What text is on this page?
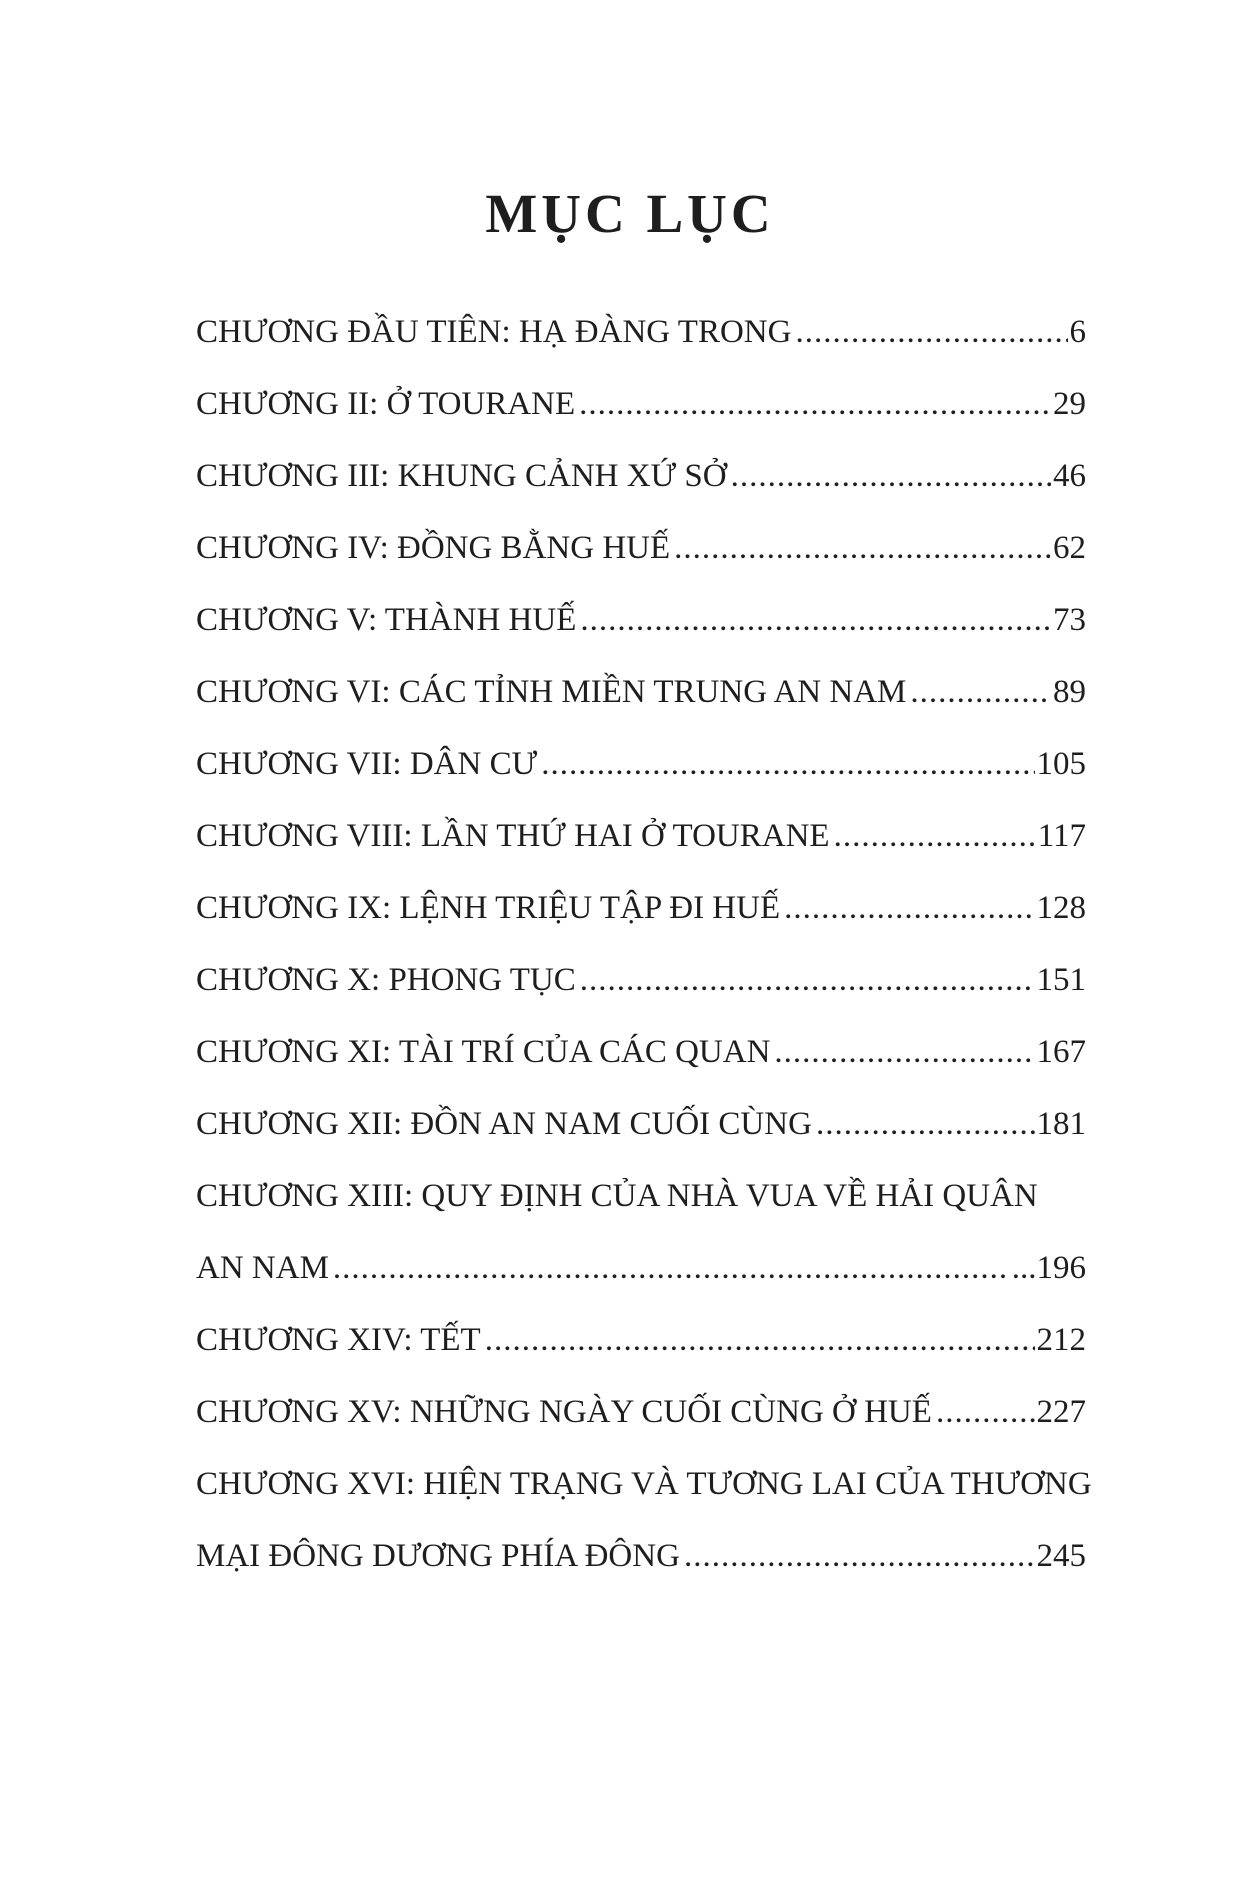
MỤC LỤC
CHƯƠNG ĐẦU TIÊN: HẠ ĐÀNG TRONG .....	6
CHƯƠNG II: Ở TOURANE .....	29
CHƯƠNG III: KHUNG CẢNH XỨ SỞ .....	46
CHƯƠNG IV: ĐỒNG BẰNG HUẾ .....	62
CHƯƠNG V: THÀNH HUẾ .....	73
CHƯƠNG VI: CÁC TỈNH MIỀN TRUNG AN NAM .....	89
CHƯƠNG VII: DÂN CƯ .....	105
CHƯƠNG VIII: LẦN THỨ HAI Ở TOURANE .....	117
CHƯƠNG IX: LỆNH TRIỆU TẬP ĐI HUẾ .....	128
CHƯƠNG X: PHONG TỤC .....	151
CHƯƠNG XI: TÀI TRÍ CỦA CÁC QUAN .....	167
CHƯƠNG XII: ĐỒN AN NAM CUỐI CÙNG .....	181
CHƯƠNG XIII: QUY ĐỊNH CỦA NHÀ VUA VỀ HẢI QUÂN
AN NAM .....	...196
CHƯƠNG XIV: TẾT .....	212
CHƯƠNG XV: NHỮNG NGÀY CUỐI CÙNG Ở HUẾ .....	227
CHƯƠNG XVI: HIỆN TRẠNG VÀ TƯƠNG LAI CỦA THƯƠNG
MẠI ĐÔNG DƯƠNG PHÍA ĐÔNG .....	245
